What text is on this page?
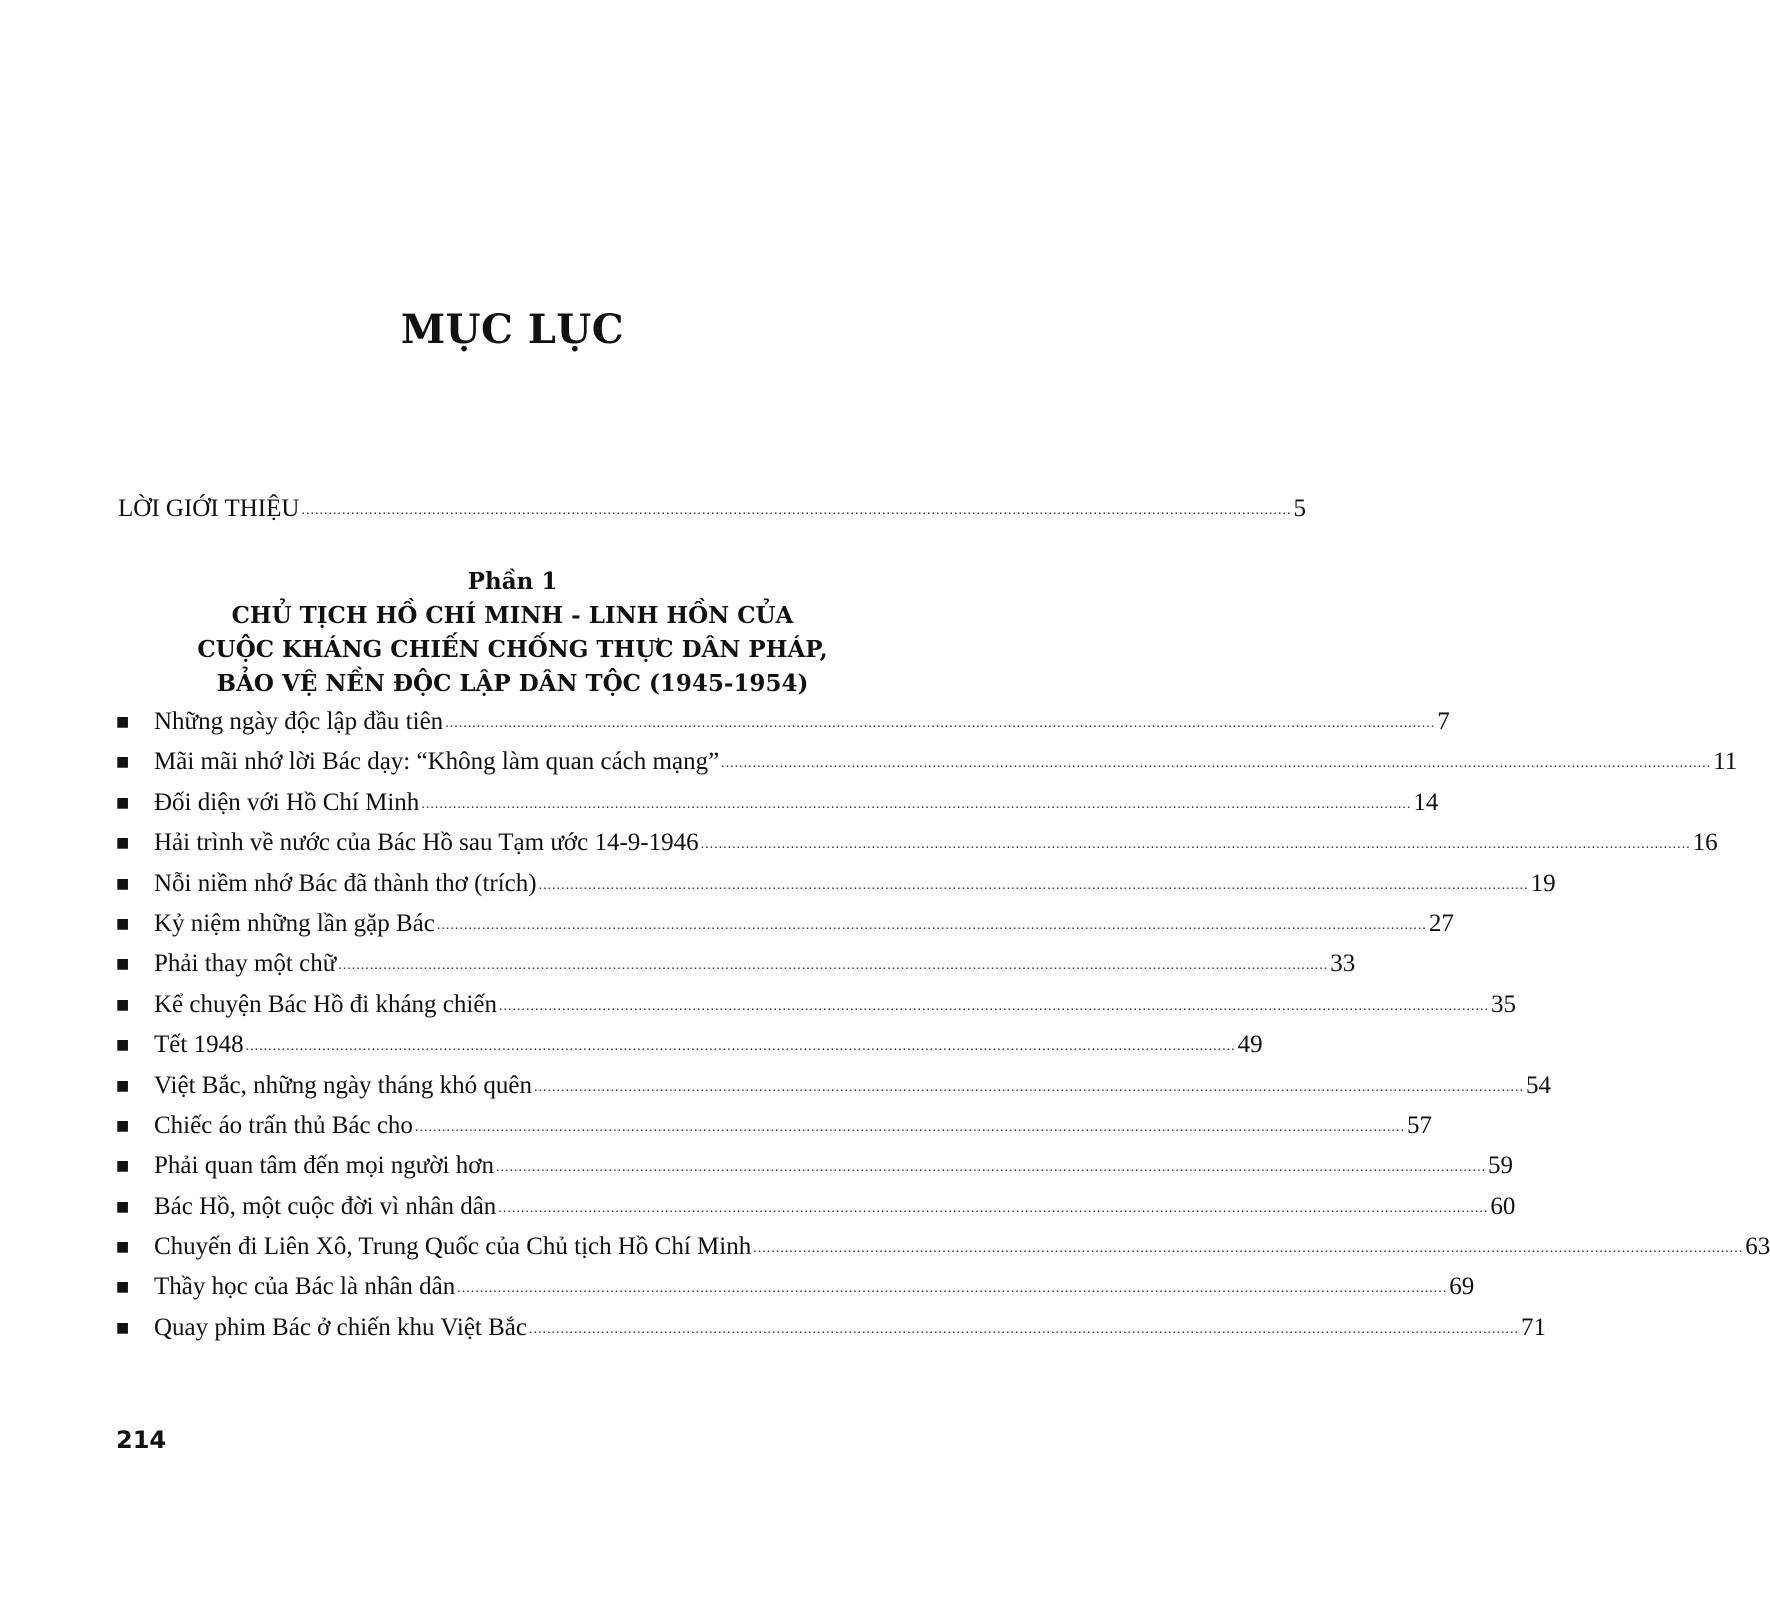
MỤC LỤC
LỜI GIỚI THIỆU ............................................................................................................................................................................................................................ 5
Phần 1
CHỦ TỊCH HỒ CHÍ MINH - LINH HỒN CỦA
CUỘC KHÁNG CHIẾN CHỐNG THỰC DÂN PHÁP,
BẢO VỆ NỀN ĐỘC LẬP DÂN TỘC (1945-1954)
■ Những ngày độc lập đầu tiên ............................................................................................................................................................................................................................ 7
■ Mãi mãi nhớ lời Bác dạy: “Không làm quan cách mạng” ............................................................................................................................................................................................................................ 11
■ Đối diện với Hồ Chí Minh ............................................................................................................................................................................................................................ 14
■ Hải trình về nước của Bác Hồ sau Tạm ước 14-9-1946 ............................................................................................................................................................................................................................ 16
■ Nỗi niềm nhớ Bác đã thành thơ (trích) ............................................................................................................................................................................................................................ 19
■ Kỷ niệm những lần gặp Bác ............................................................................................................................................................................................................................ 27
■ Phải thay một chữ ............................................................................................................................................................................................................................ 33
■ Kể chuyện Bác Hồ đi kháng chiến ............................................................................................................................................................................................................................ 35
■ Tết 1948 ............................................................................................................................................................................................................................ 49
■ Việt Bắc, những ngày tháng khó quên ............................................................................................................................................................................................................................ 54
■ Chiếc áo trấn thủ Bác cho ............................................................................................................................................................................................................................ 57
■ Phải quan tâm đến mọi người hơn ............................................................................................................................................................................................................................ 59
■ Bác Hồ, một cuộc đời vì nhân dân ............................................................................................................................................................................................................................ 60
■ Chuyến đi Liên Xô, Trung Quốc của Chủ tịch Hồ Chí Minh ............................................................................................................................................................................................................................ 63
■ Thầy học của Bác là nhân dân ............................................................................................................................................................................................................................ 69
■ Quay phim Bác ở chiến khu Việt Bắc ............................................................................................................................................................................................................................ 71
214
